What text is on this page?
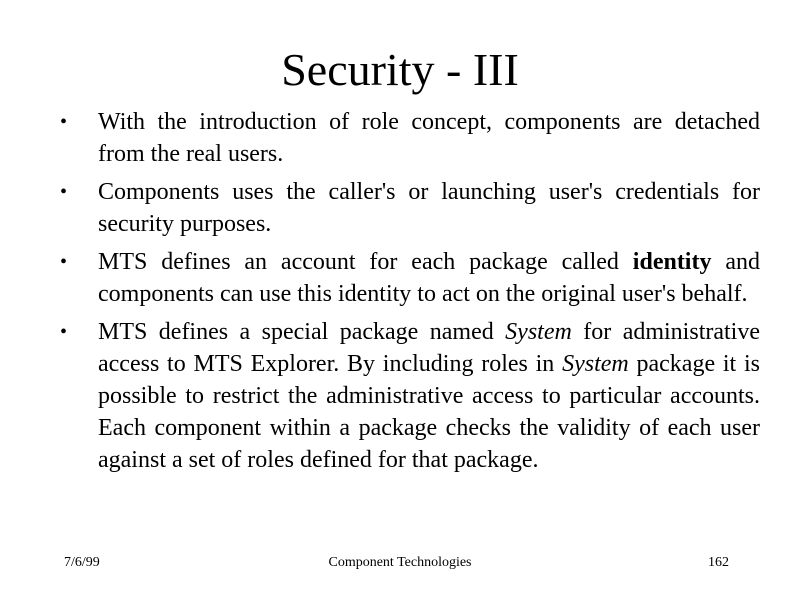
Security - III
•	With the introduction of role concept, components are detached from the real users.
•	Components uses the caller's or launching user's credentials for security purposes.
•	MTS defines an account for each package called identity and components can use this identity to act on the original user's behalf.
•	MTS defines a special package named System for administrative access to MTS Explorer. By including roles in System package it is possible to restrict the administrative access to particular accounts. Each component within a package checks the validity of each user against a set of roles defined for that package.
7/6/99	Component Technologies	162
